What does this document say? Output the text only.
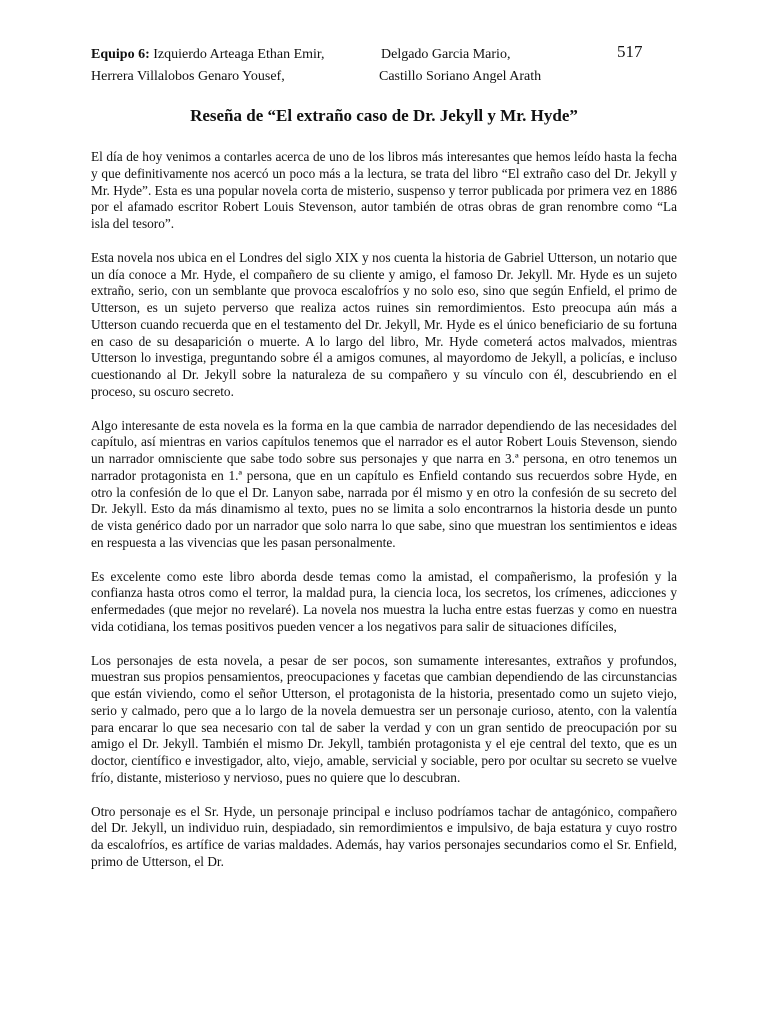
Equipo 6: Izquierdo Arteaga Ethan Emir,	Delgado Garcia Mario,	517
Herrera Villalobos Genaro Yousef,	Castillo Soriano Angel Arath
Reseña de “El extraño caso de Dr. Jekyll y Mr. Hyde”

El día de hoy venimos a contarles acerca de uno de los libros más interesantes que hemos leído hasta la fecha y que definitivamente nos acercó un poco más a la lectura, se trata del libro “El extraño caso del Dr. Jekyll y Mr. Hyde”. Esta es una popular novela corta de misterio, suspenso y terror publicada por primera vez en 1886 por el afamado escritor Robert Louis Stevenson, autor también de otras obras de gran renombre como “La isla del tesoro”.

Esta novela nos ubica en el Londres del siglo XIX y nos cuenta la historia de Gabriel Utterson, un notario que un día conoce a Mr. Hyde, el compañero de su cliente y amigo, el famoso Dr. Jekyll. Mr. Hyde es un sujeto extraño, serio, con un semblante que provoca escalofríos y no solo eso, sino que según Enfield, el primo de Utterson, es un sujeto perverso que realiza actos ruines sin remordimientos. Esto preocupa aún más a Utterson cuando recuerda que en el testamento del Dr. Jekyll, Mr. Hyde es el único beneficiario de su fortuna en caso de su desaparición o muerte. A lo largo del libro, Mr. Hyde cometerá actos malvados, mientras Utterson lo investiga, preguntando sobre él a amigos comunes, al mayordomo de Jekyll, a policías, e incluso cuestionando al Dr. Jekyll sobre la naturaleza de su compañero y su vínculo con él, descubriendo en el proceso, su oscuro secreto.

Algo interesante de esta novela es la forma en la que cambia de narrador dependiendo de las necesidades del capítulo, así mientras en varios capítulos tenemos que el narrador es el autor Robert Louis Stevenson, siendo un narrador omnisciente que sabe todo sobre sus personajes y que narra en 3.ª persona, en otro tenemos un narrador protagonista en 1.ª persona, que en un capítulo es Enfield contando sus recuerdos sobre Hyde, en otro la confesión de lo que el Dr. Lanyon sabe, narrada por él mismo y en otro la confesión de su secreto del Dr. Jekyll. Esto da más dinamismo al texto, pues no se limita a solo encontrarnos la historia desde un punto de vista genérico dado por un narrador que solo narra lo que sabe, sino que muestran los sentimientos e ideas en respuesta a las vivencias que les pasan personalmente.

Es excelente como este libro aborda desde temas como la amistad, el compañerismo, la profesión y la confianza hasta otros como el terror, la maldad pura, la ciencia loca, los secretos, los crímenes, adicciones y enfermedades (que mejor no revelaré). La novela nos muestra la lucha entre estas fuerzas y como en nuestra vida cotidiana, los temas positivos pueden vencer a los negativos para salir de situaciones difíciles,

Los personajes de esta novela, a pesar de ser pocos, son sumamente interesantes, extraños y profundos, muestran sus propios pensamientos, preocupaciones y facetas que cambian dependiendo de las circunstancias que están viviendo, como el señor Utterson, el protagonista de la historia, presentado como un sujeto viejo, serio y calmado, pero que a lo largo de la novela demuestra ser un personaje curioso, atento, con la valentía para encarar lo que sea necesario con tal de saber la verdad y con un gran sentido de preocupación por su amigo el Dr. Jekyll. También el mismo Dr. Jekyll, también protagonista y el eje central del texto, que es un doctor, científico e investigador, alto, viejo, amable, servicial y sociable, pero por ocultar su secreto se vuelve frío, distante, misterioso y nervioso, pues no quiere que lo descubran.

Otro personaje es el Sr. Hyde, un personaje principal e incluso podríamos tachar de antagónico, compañero del Dr. Jekyll, un individuo ruin, despiadado, sin remordimientos e impulsivo, de baja estatura y cuyo rostro da escalofríos, es artífice de varias maldades. Además, hay varios personajes secundarios como el Sr. Enfield, primo de Utterson, el Dr.
